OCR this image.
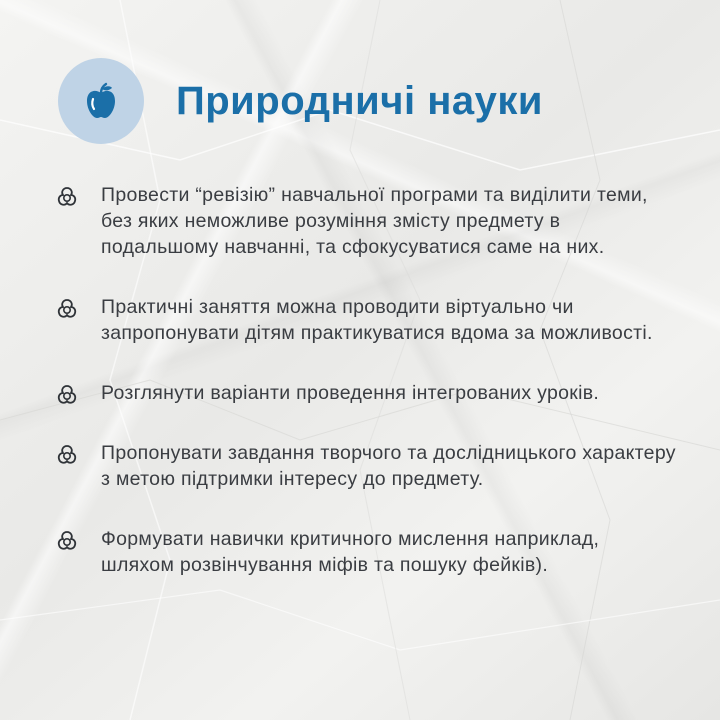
Природничі науки
Провести “ревізію” навчальної програми та виділити теми, без яких неможливе розуміння змісту предмету в подальшому навчанні, та сфокусуватися саме на них.
Практичні заняття можна проводити віртуально чи запропонувати дітям практикуватися вдома за можливості.
Розглянути варіанти проведення інтегрованих уроків.
Пропонувати завдання творчого та дослідницького характеру з метою підтримки інтересу до предмету.
Формувати навички критичного мислення наприклад, шляхом розвінчування міфів та пошуку фейків).
